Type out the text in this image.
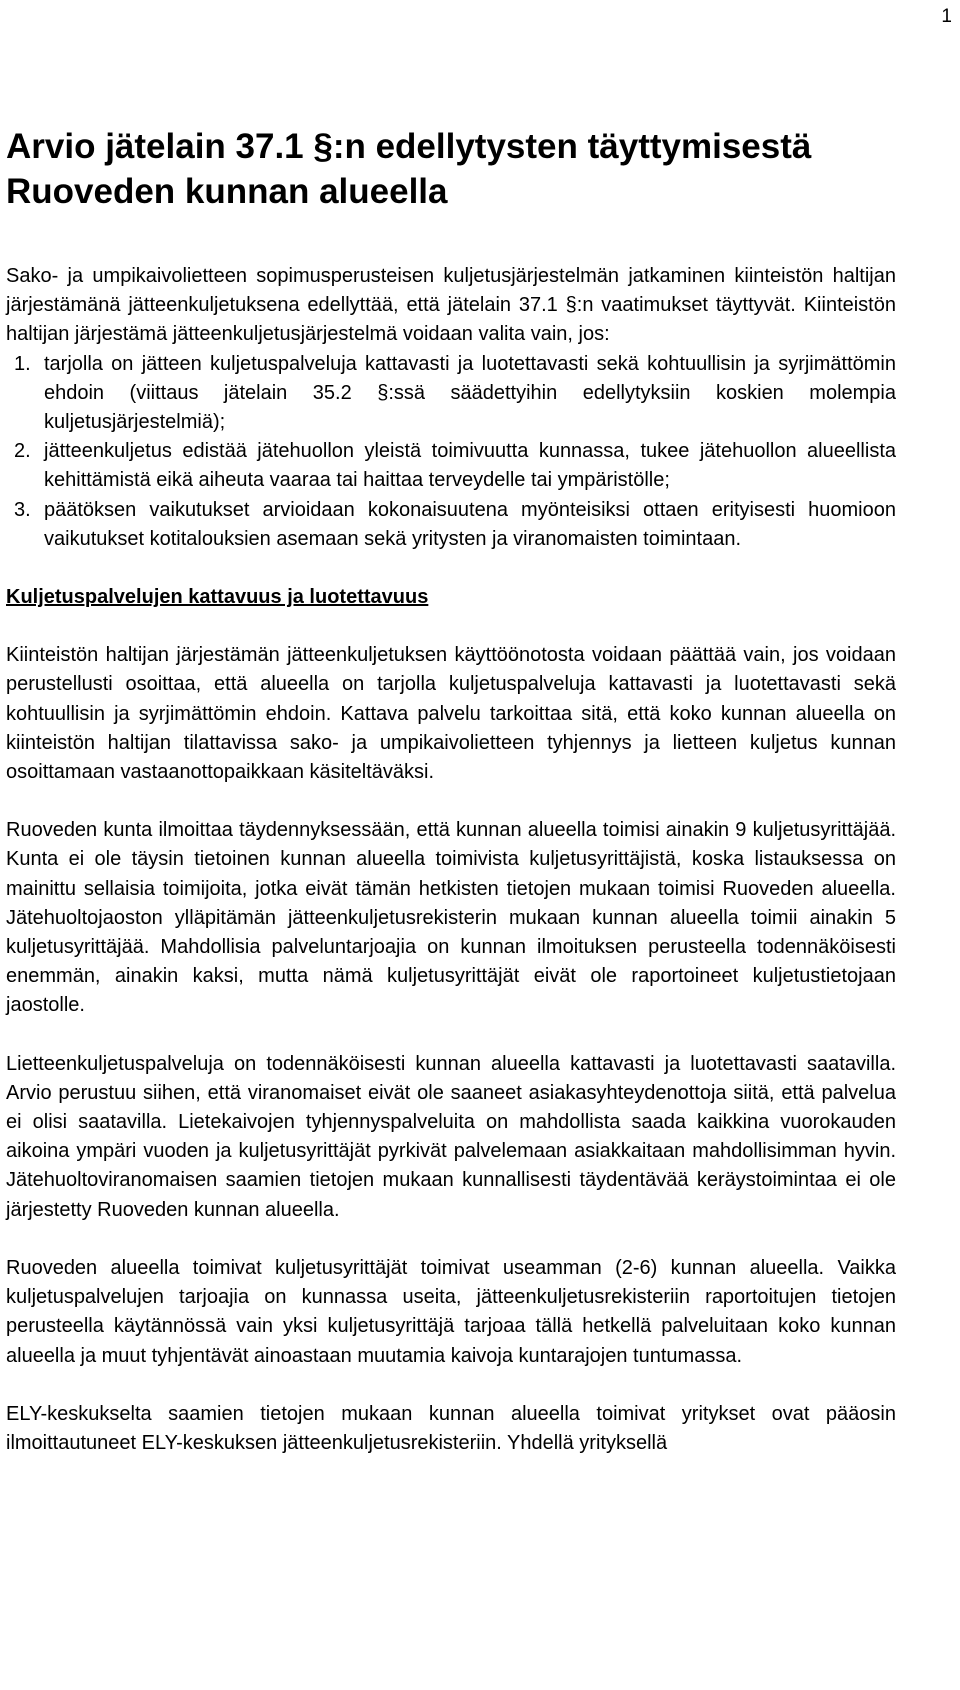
1
Arvio jätelain 37.1 §:n edellytysten täyttymisestä Ruoveden kunnan alueella

Sako- ja umpikaivolietteen sopimusperusteisen kuljetusjärjestelmän jatkaminen kiinteistön haltijan järjestämänä jätteenkuljetuksena edellyttää, että jätelain 37.1 §:n vaatimukset täyttyvät. Kiinteistön haltijan järjestämä jätteenkuljetusjärjestelmä voidaan valita vain, jos:

1. tarjolla on jätteen kuljetuspalveluja kattavasti ja luotettavasti sekä kohtuullisin ja syrjimättömin ehdoin (viittaus jätelain 35.2 §:ssä säädettyihin edellytyksiin koskien molempia kuljetusjärjestelmiä);
2. jätteenkuljetus edistää jätehuollon yleistä toimivuutta kunnassa, tukee jätehuollon alueellista kehittämistä eikä aiheuta vaaraa tai haittaa terveydelle tai ympäristölle;
3. päätöksen vaikutukset arvioidaan kokonaisuutena myönteisiksi ottaen erityisesti huomioon vaikutukset kotitalouksien asemaan sekä yritysten ja viranomaisten toimintaan.
Kuljetuspalvelujen kattavuus ja luotettavuus

Kiinteistön haltijan järjestämän jätteenkuljetuksen käyttöönotosta voidaan päättää vain, jos voidaan perustellusti osoittaa, että alueella on tarjolla kuljetuspalveluja kattavasti ja luotettavasti sekä kohtuullisin ja syrjimättömin ehdoin. Kattava palvelu tarkoittaa sitä, että koko kunnan alueella on kiinteistön haltijan tilattavissa sako- ja umpikaivolietteen tyhjennys ja lietteen kuljetus kunnan osoittamaan vastaanottopaikkaan käsiteltäväksi.

Ruoveden kunta ilmoittaa täydennyksessään, että kunnan alueella toimisi ainakin 9 kuljetusyrittäjää. Kunta ei ole täysin tietoinen kunnan alueella toimivista kuljetusyrittäjistä, koska listauksessa on mainittu sellaisia toimijoita, jotka eivät tämän hetkisten tietojen mukaan toimisi Ruoveden alueella. Jätehuoltojaoston ylläpitämän jätteenkuljetusrekisterin mukaan kunnan alueella toimii ainakin 5 kuljetusyrittäjää. Mahdollisia palveluntarjoajia on kunnan ilmoituksen perusteella todennäköisesti enemmän, ainakin kaksi, mutta nämä kuljetusyrittäjät eivät ole raportoineet kuljetustietojaan jaostolle.

Lietteenkuljetuspalveluja on todennäköisesti kunnan alueella kattavasti ja luotettavasti saatavilla. Arvio perustuu siihen, että viranomaiset eivät ole saaneet asiakasyhteydenottoja siitä, että palvelua ei olisi saatavilla. Lietekaivojen tyhjennyspalveluita on mahdollista saada kaikkina vuorokauden aikoina ympäri vuoden ja kuljetusyrittäjät pyrkivät palvelemaan asiakkaitaan mahdollisimman hyvin. Jätehuoltoviranomaisen saamien tietojen mukaan kunnallisesti täydentävää keräystoimintaa ei ole järjestetty Ruoveden kunnan alueella.

Ruoveden alueella toimivat kuljetusyrittäjät toimivat useamman (2-6) kunnan alueella. Vaikka kuljetuspalvelujen tarjoajia on kunnassa useita, jätteenkuljetusrekisteriin raportoitujen tietojen perusteella käytännössä vain yksi kuljetusyrittäjä tarjoaa tällä hetkellä palveluitaan koko kunnan alueella ja muut tyhjentävät ainoastaan muutamia kaivoja kuntarajojen tuntumassa.

ELY-keskukselta saamien tietojen mukaan kunnan alueella toimivat yritykset ovat pääosin ilmoittautuneet ELY-keskuksen jätteenkuljetusrekisteriin. Yhdellä yrityksellä
